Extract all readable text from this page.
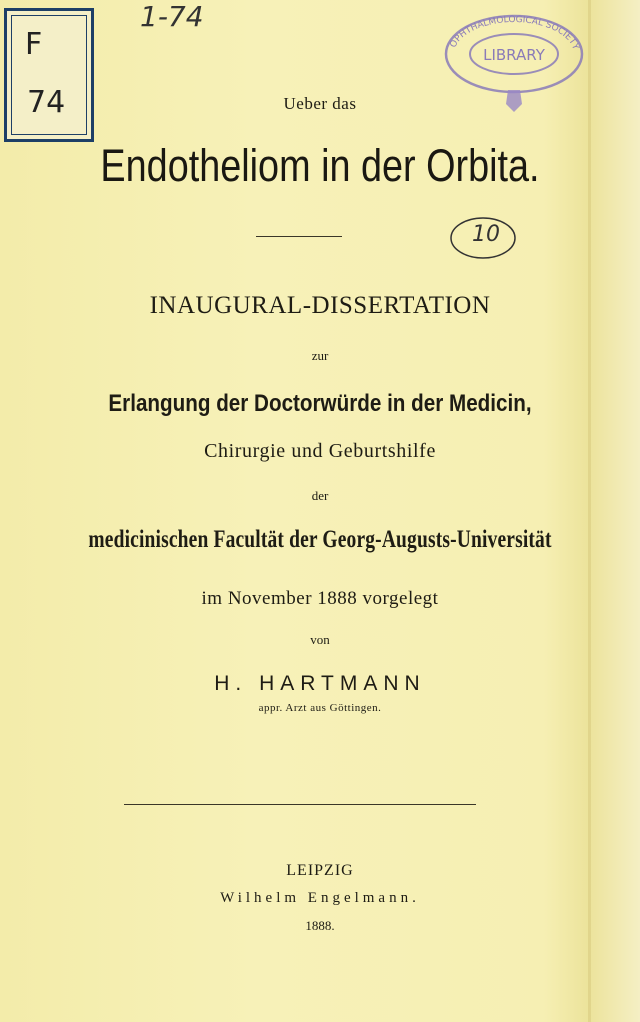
F
74
1-74
LIBRARY
OPHTHALMOLOGICAL SOCIETY
Ueber das
Endotheliom in der Orbita.
10
INAUGURAL-DISSERTATION
zur
Erlangung der Doctorwürde in der Medicin,
Chirurgie und Geburtshilfe
der
medicinischen Facultät der Georg-Augusts-Universität
im November 1888 vorgelegt
von
H. HARTMANN
appr. Arzt aus Göttingen.
LEIPZIG
Wilhelm Engelmann.
1888.
